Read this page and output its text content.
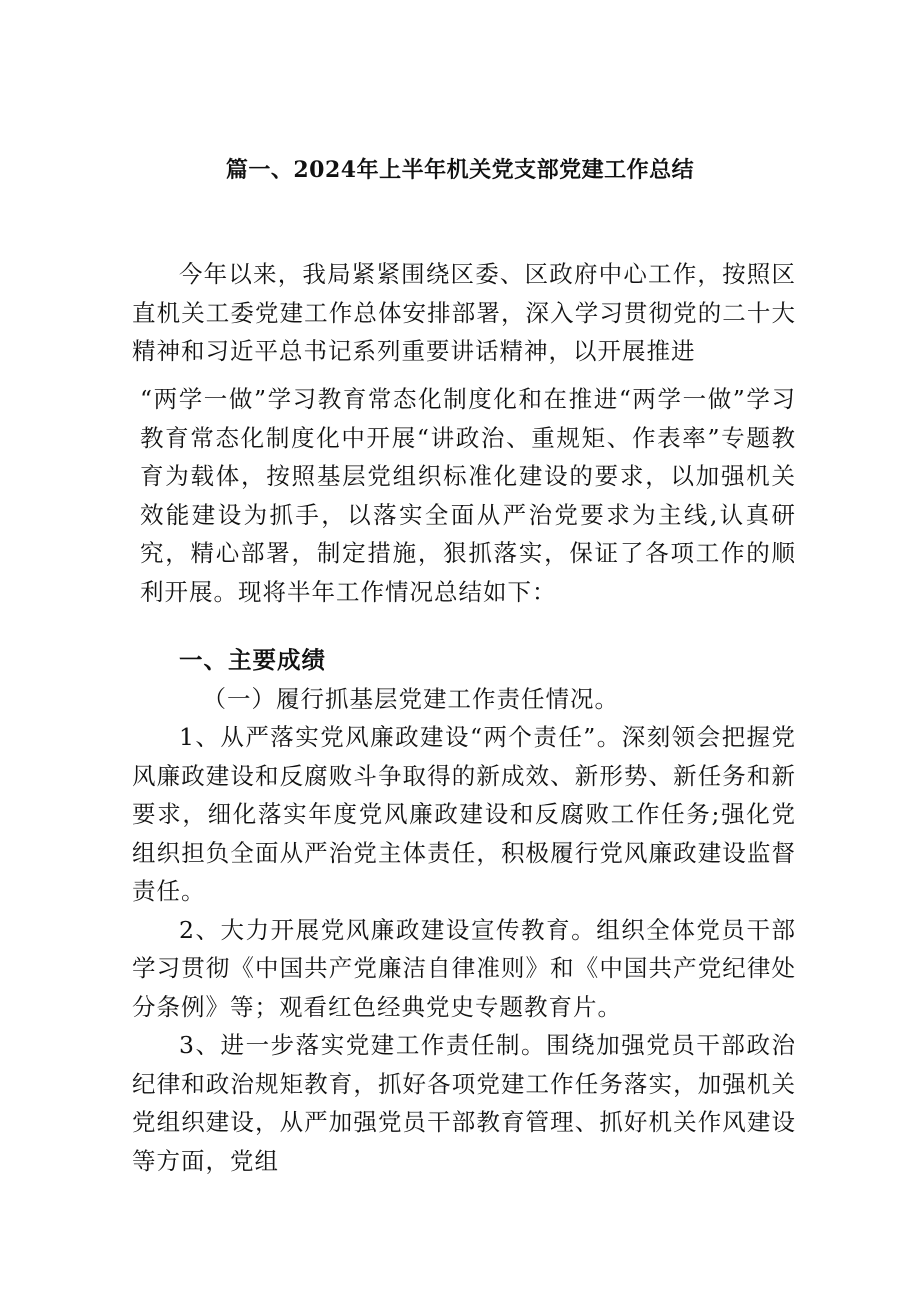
篇一、2024年上半年机关党支部党建工作总结

今年以来，我局紧紧围绕区委、区政府中心工作，按照区直机关工委党建工作总体安排部署，深入学习贯彻党的二十大精神和习近平总书记系列重要讲话精神，以开展推进

“两学一做”学习教育常态化制度化和在推进“两学一做”学习教育常态化制度化中开展“讲政治、重规矩、作表率”专题教育为载体，按照基层党组织标准化建设的要求，以加强机关效能建设为抓手，以落实全面从严治党要求为主线,认真研究，精心部署，制定措施，狠抓落实，保证了各项工作的顺利开展。现将半年工作情况总结如下：

一、主要成绩

（一）履行抓基层党建工作责任情况。

1、从严落实党风廉政建设“两个责任”。深刻领会把握党风廉政建设和反腐败斗争取得的新成效、新形势、新任务和新要求，细化落实年度党风廉政建设和反腐败工作任务;强化党组织担负全面从严治党主体责任，积极履行党风廉政建设监督责任。

2、大力开展党风廉政建设宣传教育。组织全体党员干部学习贯彻《中国共产党廉洁自律准则》和《中国共产党纪律处分条例》等；观看红色经典党史专题教育片。

3、进一步落实党建工作责任制。围绕加强党员干部政治纪律和政治规矩教育，抓好各项党建工作任务落实，加强机关党组织建设，从严加强党员干部教育管理、抓好机关作风建设等方面，党组
